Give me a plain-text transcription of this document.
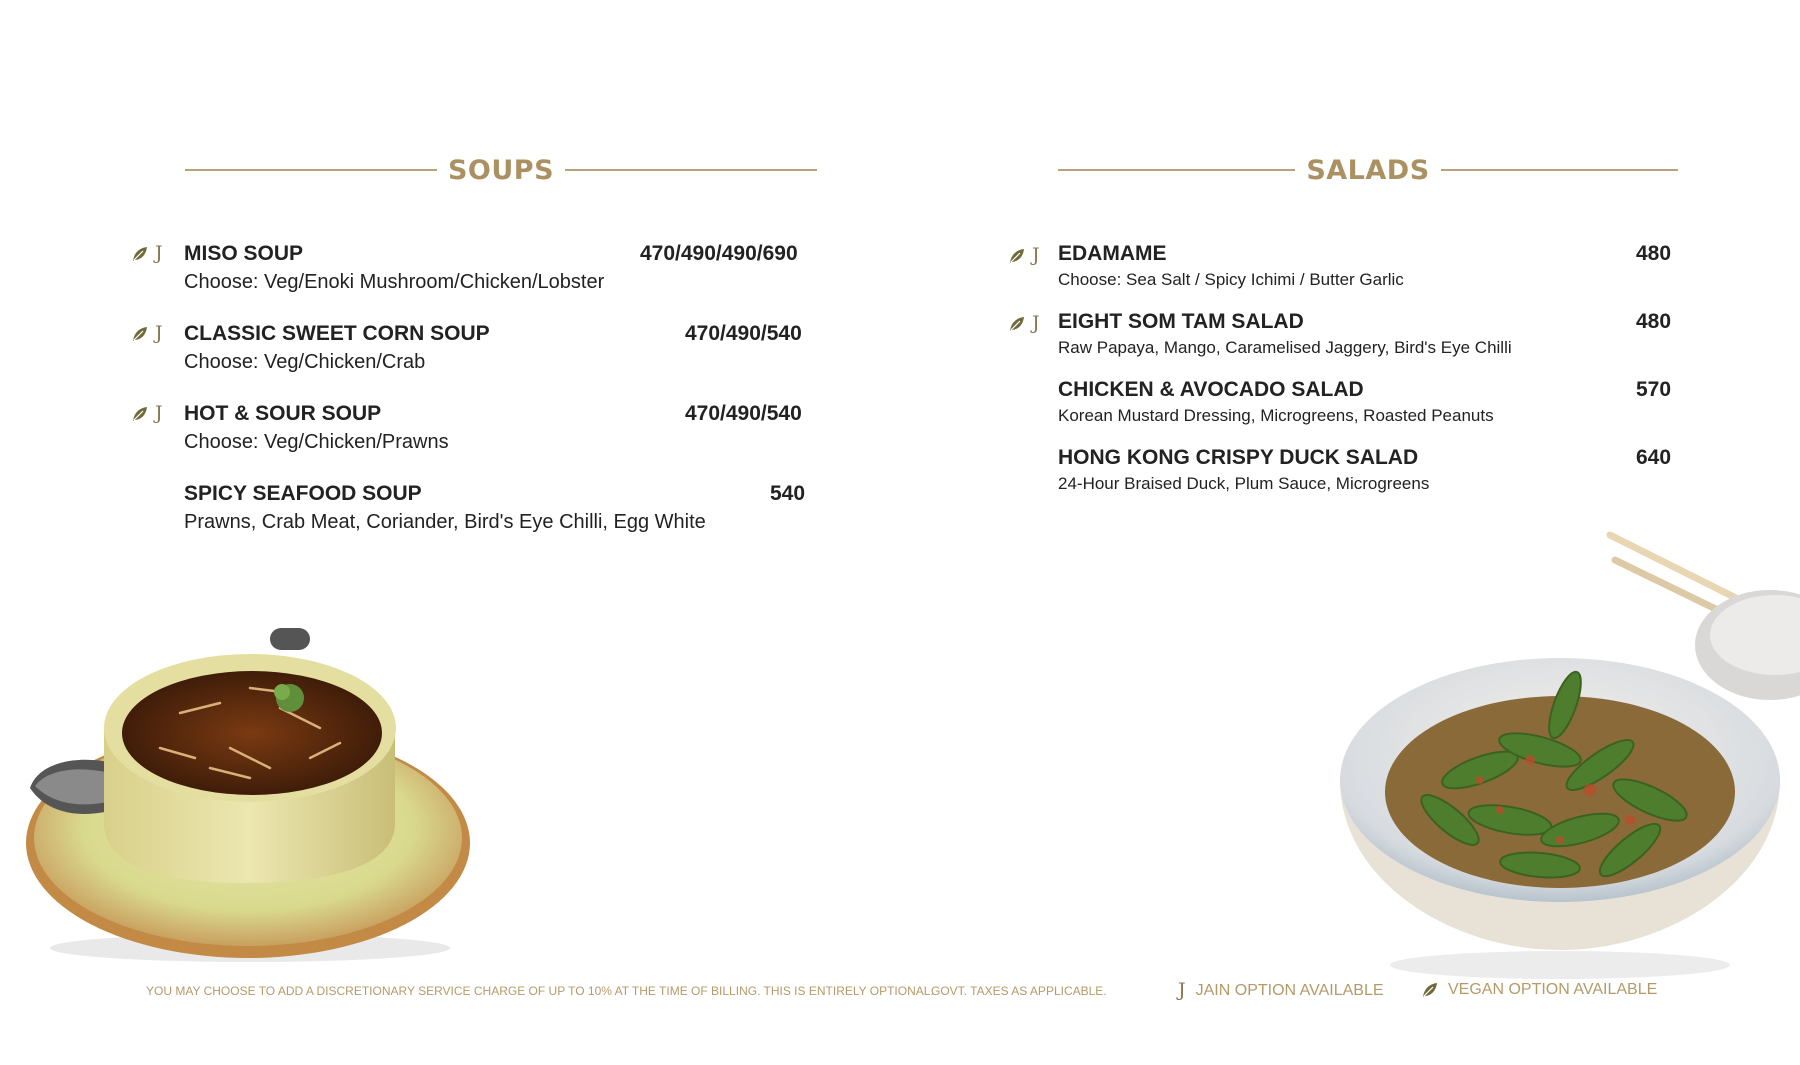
SOUPS	SALADS
J MISO SOUP
Choose: Veg/Enoki Mushroom/Chicken/Lobster
470/490/490/690
J CLASSIC SWEET CORN SOUP
Choose: Veg/Chicken/Crab
470/490/540
J HOT & SOUR SOUP
Choose: Veg/Chicken/Prawns
470/490/540
SPICY SEAFOOD SOUP
Prawns, Crab Meat, Coriander, Bird's Eye Chilli, Egg White
540
J EDAMAME
Choose: Sea Salt / Spicy Ichimi / Butter Garlic
480
J EIGHT SOM TAM SALAD
Raw Papaya, Mango, Caramelised Jaggery, Bird's Eye Chilli
480
CHICKEN & AVOCADO SALAD
Korean Mustard Dressing, Microgreens, Roasted Peanuts
570
HONG KONG CRISPY DUCK SALAD
24-Hour Braised Duck, Plum Sauce, Microgreens
640
YOU MAY CHOOSE TO ADD A DISCRETIONARY SERVICE CHARGE OF UP TO 10% AT THE TIME OF BILLING. THIS IS ENTIRELY OPTIONAL.
GOVT. TAXES AS APPLICABLE.	J JAIN OPTION AVAILABLE	VEGAN OPTION AVAILABLE
